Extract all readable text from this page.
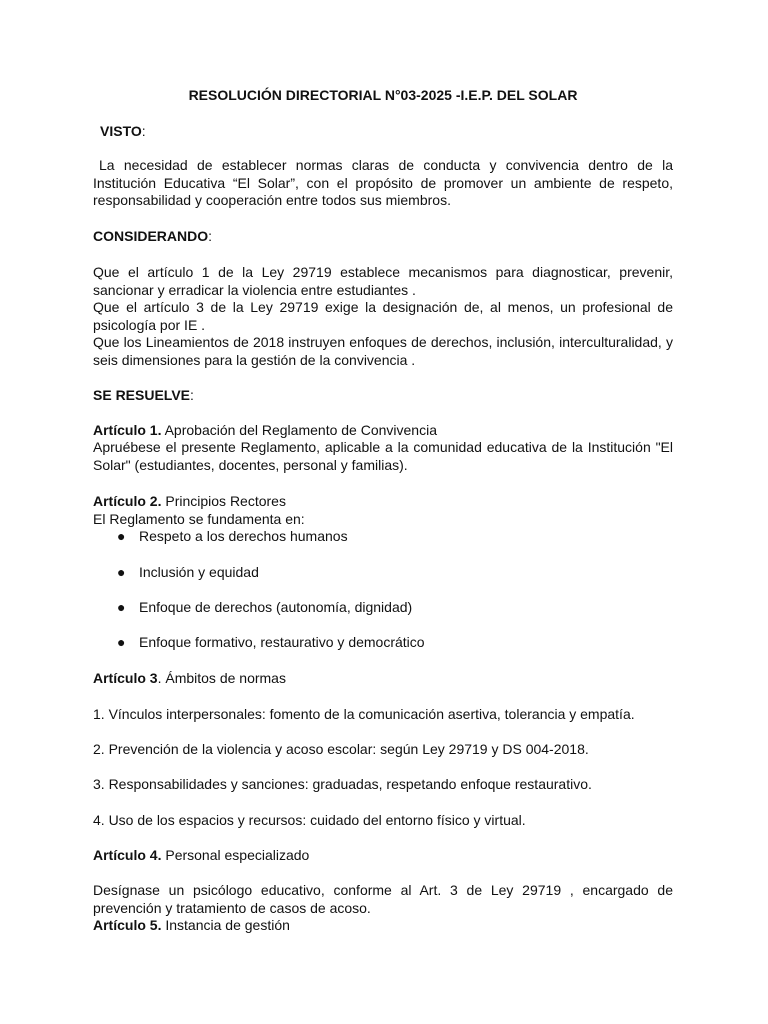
RESOLUCIÓN DIRECTORIAL N°03-2025 -I.E.P. DEL SOLAR
VISTO:
La necesidad de establecer normas claras de conducta y convivencia dentro de la Institución Educativa “El Solar”, con el propósito de promover un ambiente de respeto, responsabilidad y cooperación entre todos sus miembros.
CONSIDERANDO:
Que el artículo 1 de la Ley 29719 establece mecanismos para diagnosticar, prevenir, sancionar y erradicar la violencia entre estudiantes .
Que el artículo 3 de la Ley 29719 exige la designación de, al menos, un profesional de psicología por IE .
Que los Lineamientos de 2018 instruyen enfoques de derechos, inclusión, interculturalidad, y seis dimensiones para la gestión de la convivencia .
SE RESUELVE:
Artículo 1. Aprobación del Reglamento de Convivencia
Apruébese el presente Reglamento, aplicable a la comunidad educativa de la Institución "El Solar" (estudiantes, docentes, personal y familias).
Artículo 2. Principios Rectores
El Reglamento se fundamenta en:
● Respeto a los derechos humanos
● Inclusión y equidad
● Enfoque de derechos (autonomía, dignidad)
● Enfoque formativo, restaurativo y democrático
Artículo 3. Ámbitos de normas
1. Vínculos interpersonales: fomento de la comunicación asertiva, tolerancia y empatía.
2. Prevención de la violencia y acoso escolar: según Ley 29719 y DS 004‑2018.
3. Responsabilidades y sanciones: graduadas, respetando enfoque restaurativo.
4. Uso de los espacios y recursos: cuidado del entorno físico y virtual.
Artículo 4. Personal especializado
Desígnase un psicólogo educativo, conforme al Art. 3 de Ley 29719 , encargado de prevención y tratamiento de casos de acoso.
Artículo 5. Instancia de gestión
